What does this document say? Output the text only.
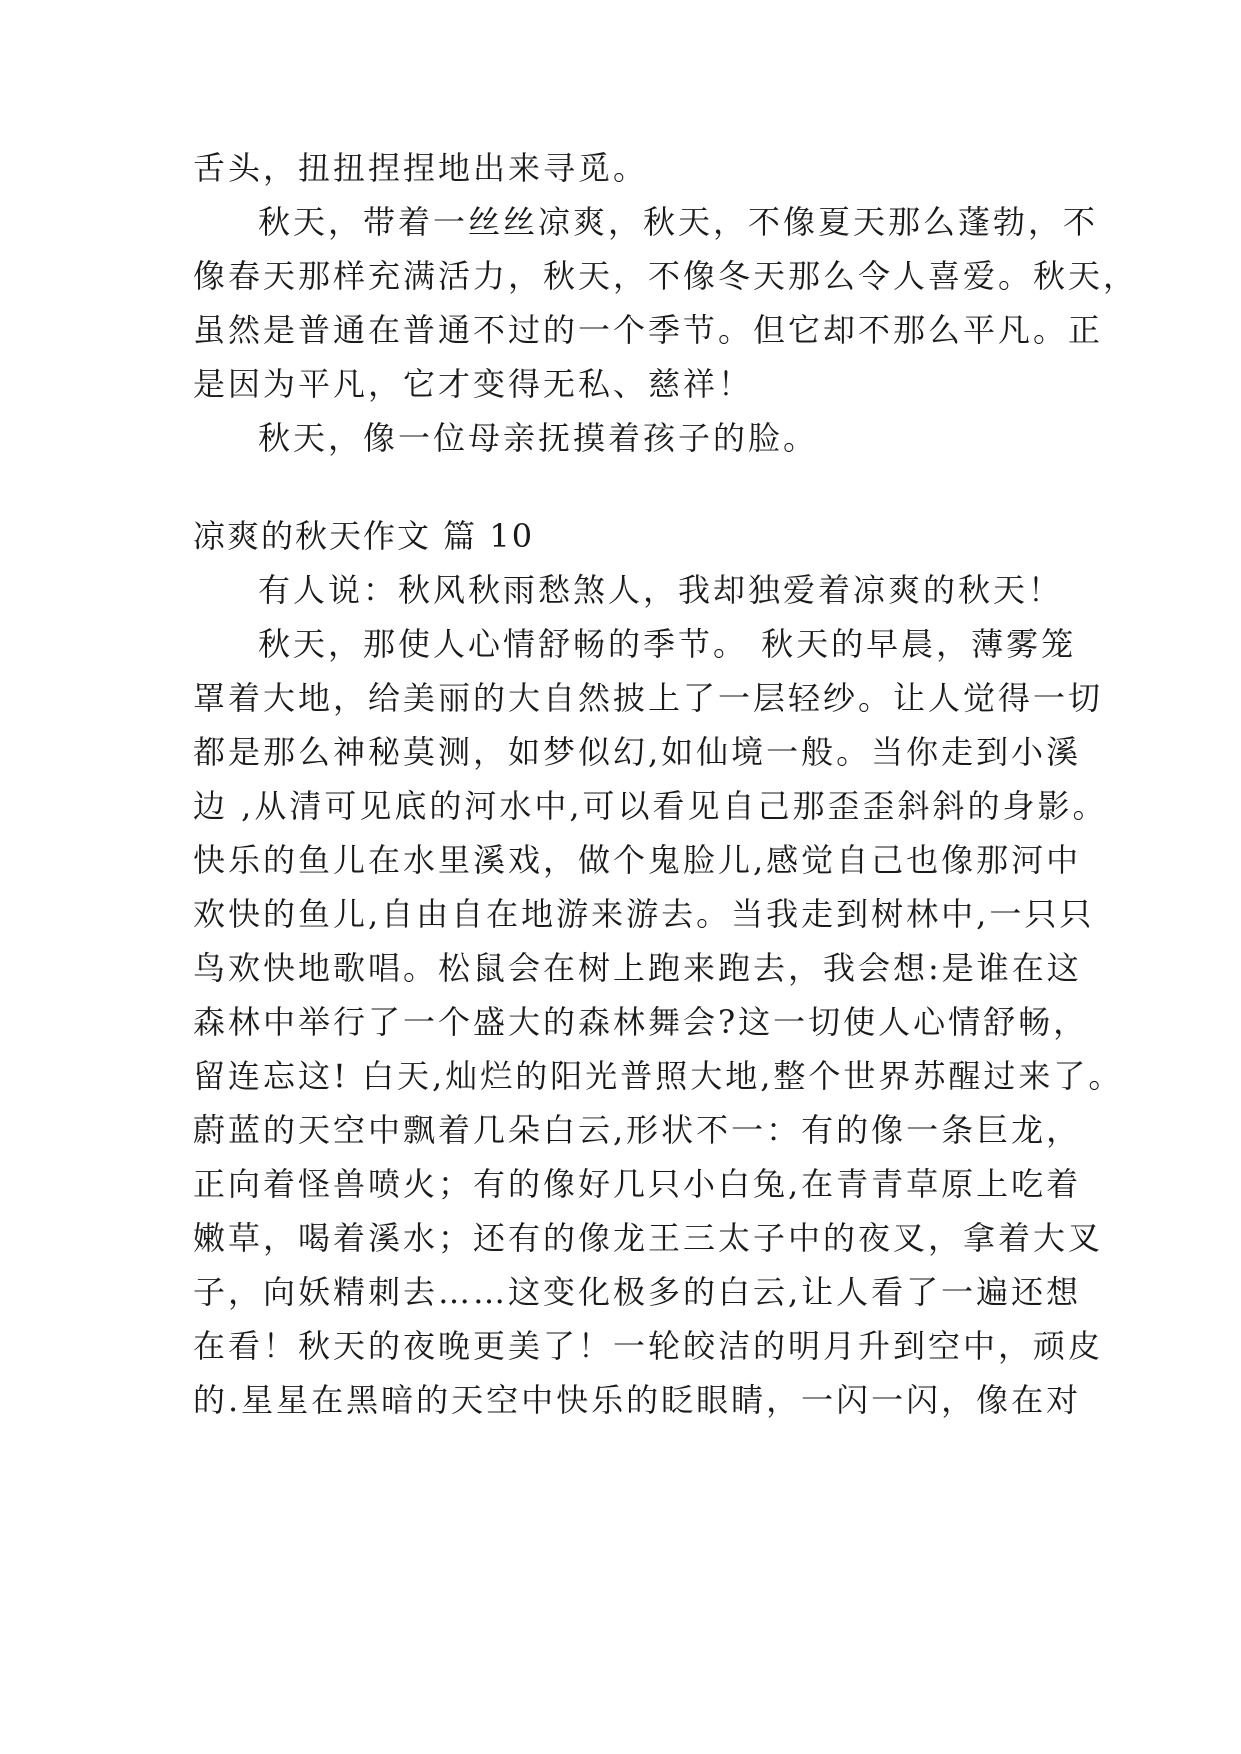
舌头，扭扭捏捏地出来寻觅。
秋天，带着一丝丝凉爽，秋天，不像夏天那么蓬勃，不
像春天那样充满活力，秋天，不像冬天那么令人喜爱。秋天，
虽然是普通在普通不过的一个季节。但它却不那么平凡。正
是因为平凡，它才变得无私、慈祥！
秋天，像一位母亲抚摸着孩子的脸。
凉爽的秋天作文 篇 10
有人说：秋风秋雨愁煞人，我却独爱着凉爽的秋天！
秋天，那使人心情舒畅的季节。 秋天的早晨，薄雾笼
罩着大地，给美丽的大自然披上了一层轻纱。让人觉得一切
都是那么神秘莫测，如梦似幻,如仙境一般。当你走到小溪
边 ,从清可见底的河水中,可以看见自己那歪歪斜斜的身影。
快乐的鱼儿在水里溪戏，做个鬼脸儿,感觉自己也像那河中
欢快的鱼儿,自由自在地游来游去。当我走到树林中,一只只
鸟欢快地歌唱。松鼠会在树上跑来跑去，我会想:是谁在这
森林中举行了一个盛大的森林舞会?这一切使人心情舒畅，
留连忘这! 白天,灿烂的阳光普照大地,整个世界苏醒过来了。
蔚蓝的天空中飘着几朵白云,形状不一：有的像一条巨龙，
正向着怪兽喷火；有的像好几只小白兔,在青青草原上吃着
嫩草，喝着溪水；还有的像龙王三太子中的夜叉，拿着大叉
子，向妖精刺去……这变化极多的白云,让人看了一遍还想
在看！秋天的夜晚更美了！一轮皎洁的明月升到空中，顽皮
的.星星在黑暗的天空中快乐的眨眼睛，一闪一闪，像在对
